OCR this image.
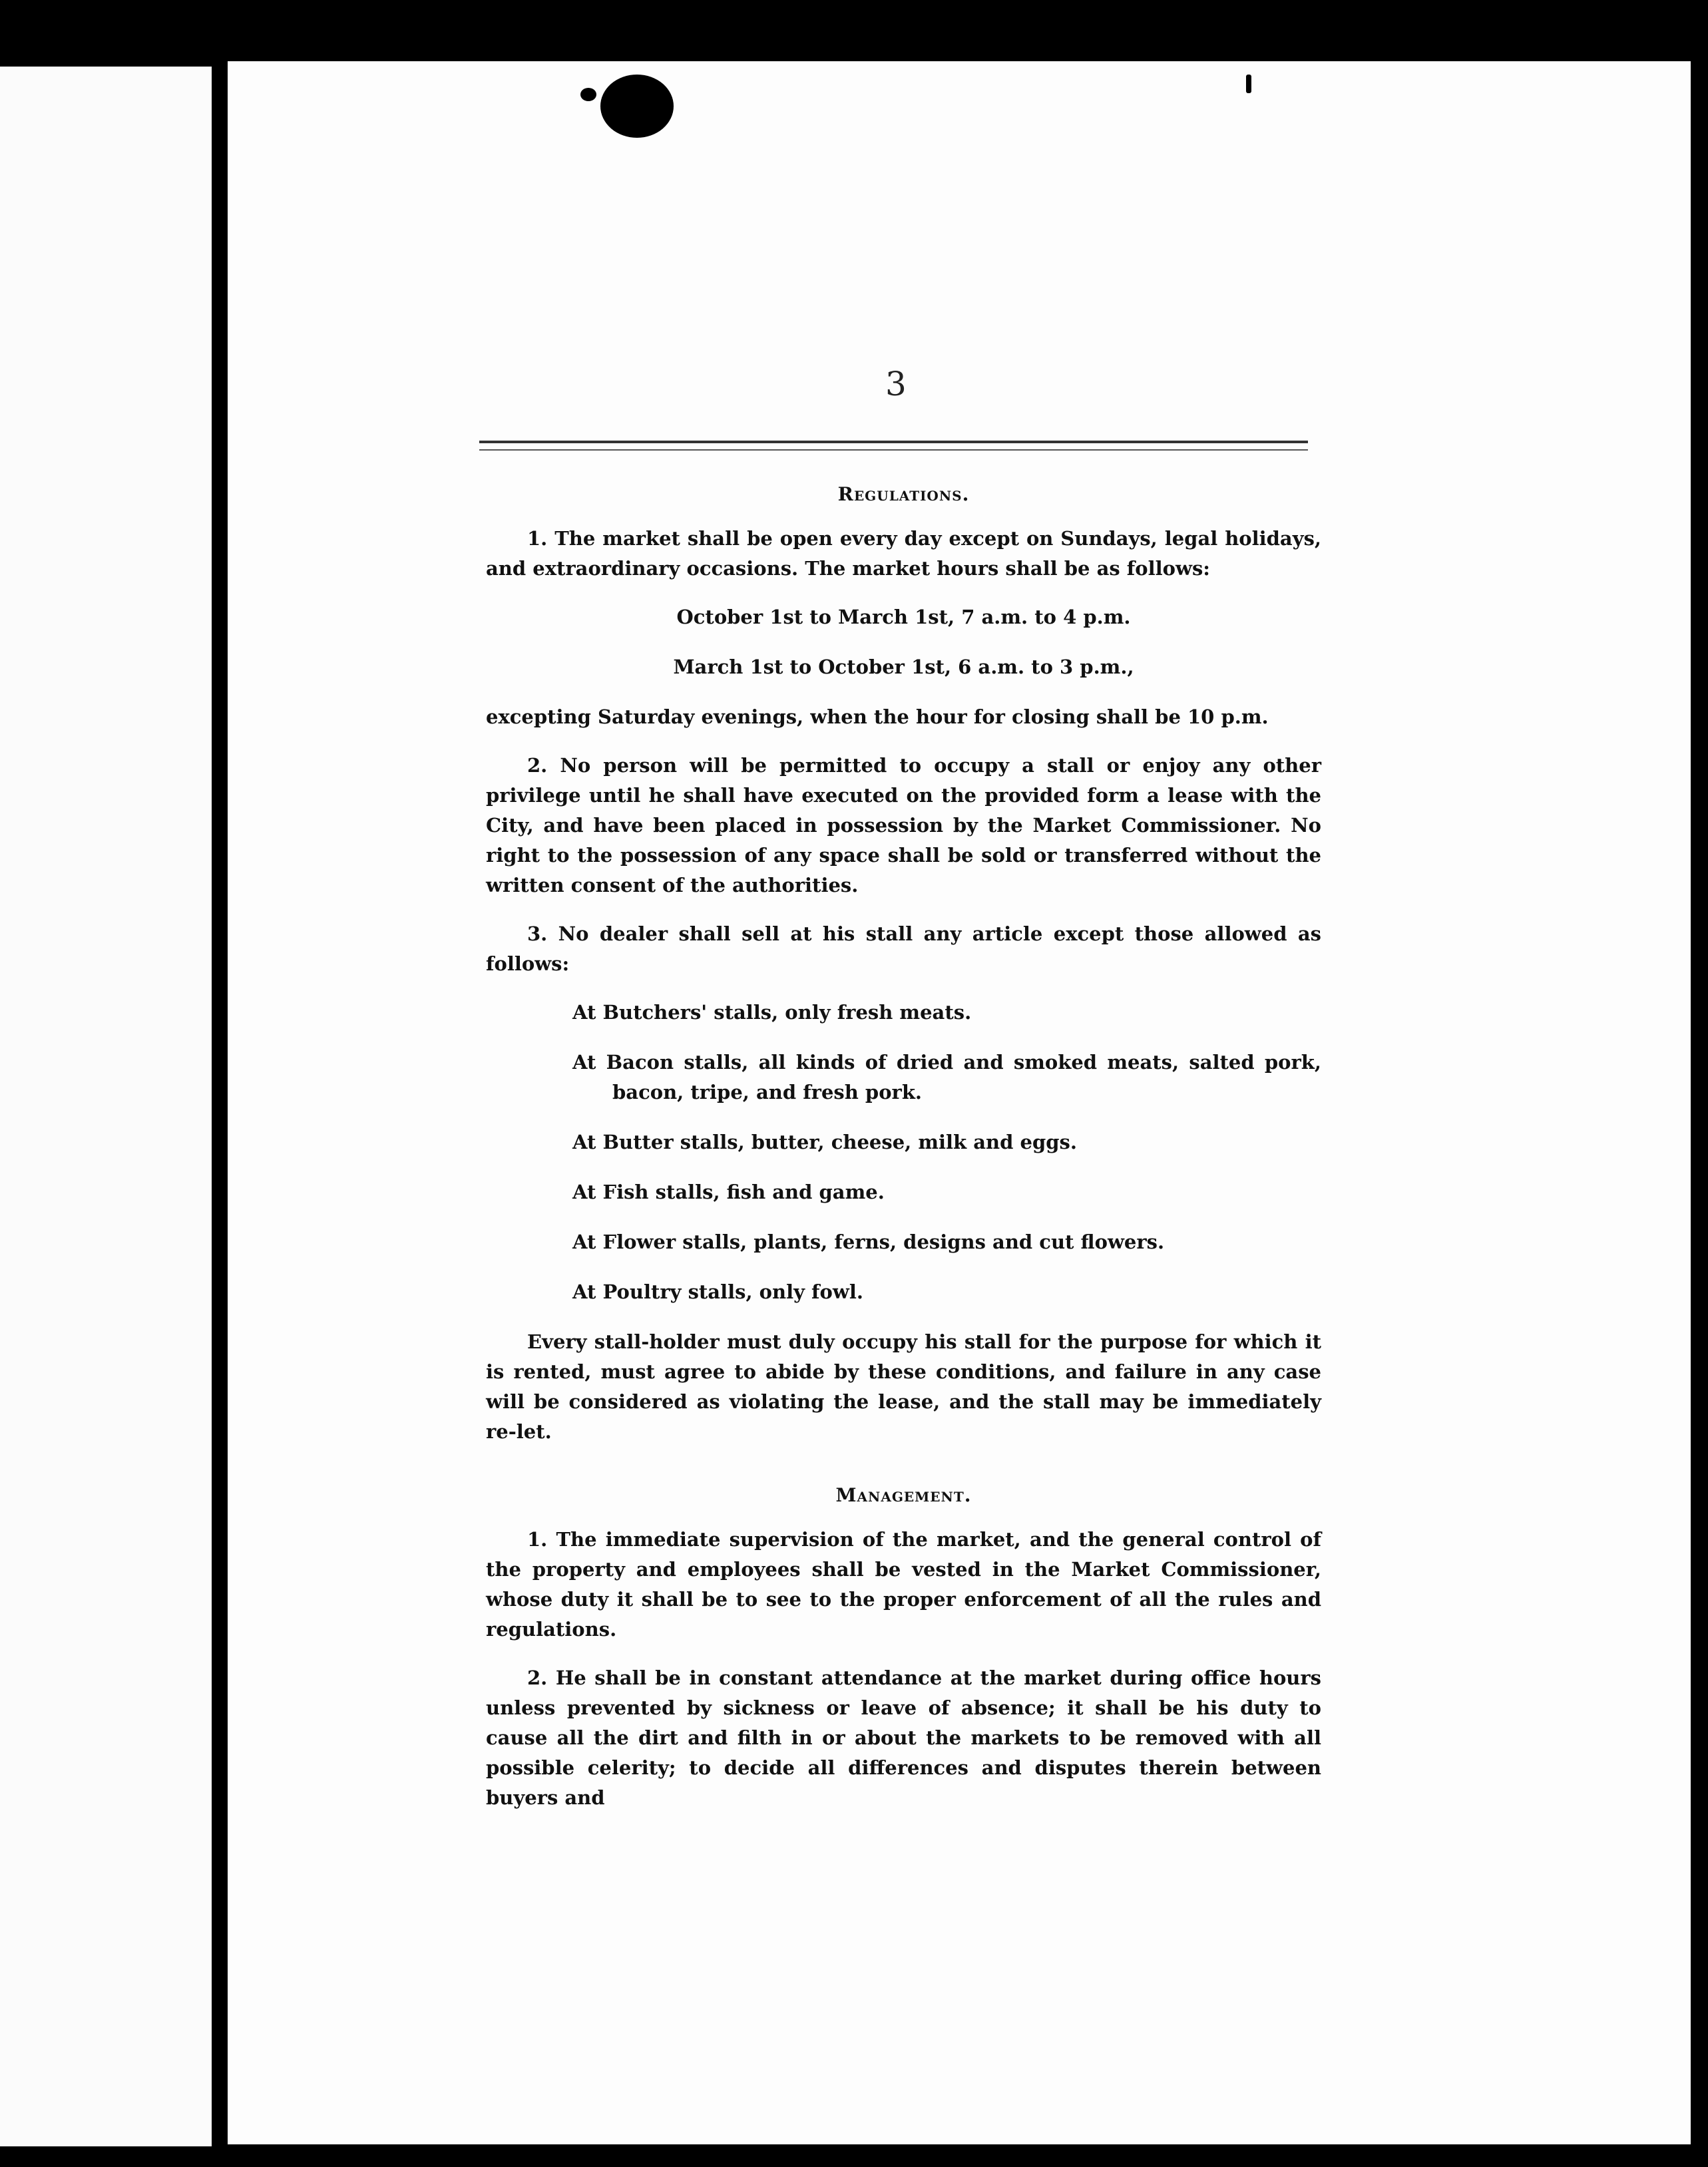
3
Regulations.

1. The market shall be open every day except on Sundays, legal holidays, and extraordinary occasions. The market hours shall be as follows:

October 1st to March 1st, 7 a.m. to 4 p.m.
March 1st to October 1st, 6 a.m. to 3 p.m.,

excepting Saturday evenings, when the hour for closing shall be 10 p.m.

2. No person will be permitted to occupy a stall or enjoy any other privilege until he shall have executed on the provided form a lease with the City, and have been placed in possession by the Market Commissioner. No right to the possession of any space shall be sold or transferred without the written consent of the authorities.

3. No dealer shall sell at his stall any article except those allowed as follows:

At Butchers' stalls, only fresh meats.
At Bacon stalls, all kinds of dried and smoked meats, salted pork, bacon, tripe, and fresh pork.
At Butter stalls, butter, cheese, milk and eggs.
At Fish stalls, fish and game.
At Flower stalls, plants, ferns, designs and cut flowers.
At Poultry stalls, only fowl.

Every stall-holder must duly occupy his stall for the purpose for which it is rented, must agree to abide by these conditions, and failure in any case will be considered as violating the lease, and the stall may be immediately re-let.

Management.

1. The immediate supervision of the market, and the general control of the property and employees shall be vested in the Market Commissioner, whose duty it shall be to see to the proper enforcement of all the rules and regulations.

2. He shall be in constant attendance at the market during office hours unless prevented by sickness or leave of absence; it shall be his duty to cause all the dirt and filth in or about the markets to be removed with all possible celerity; to decide all differences and disputes therein between buyers and
